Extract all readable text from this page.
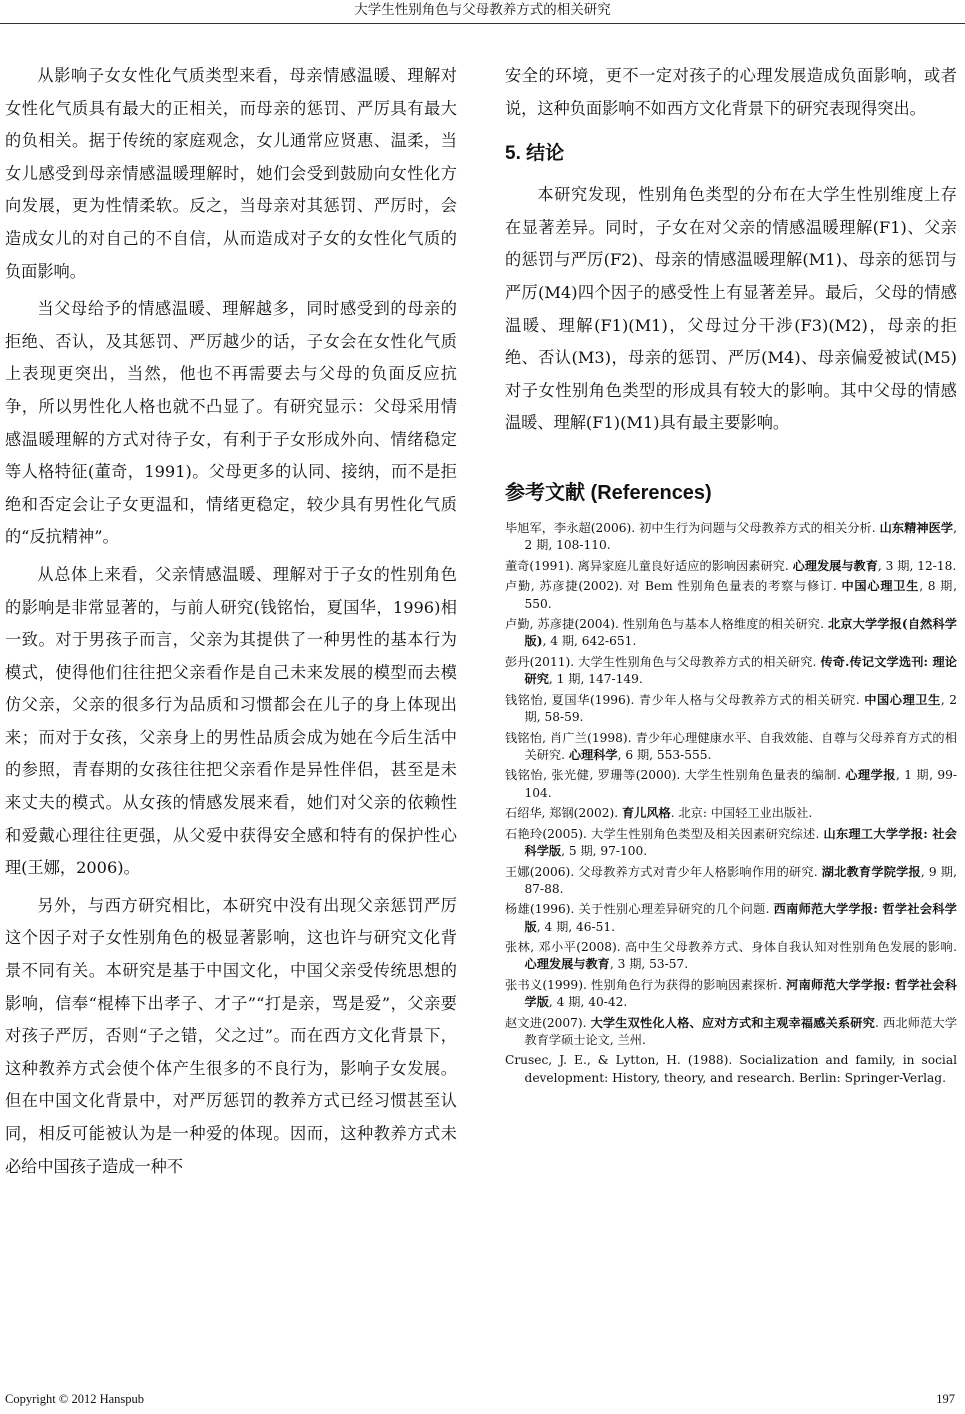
大学生性别角色与父母教养方式的相关研究

从影响子女女性化气质类型来看，母亲情感温暖、理解对女性化气质具有最大的正相关，而母亲的惩罚、严厉具有最大的负相关。据于传统的家庭观念，女儿通常应贤惠、温柔，当女儿感受到母亲情感温暖理解时，她们会受到鼓励向女性化方向发展，更为性情柔软。反之，当母亲对其惩罚、严厉时，会造成女儿的对自己的不自信，从而造成对子女的女性化气质的负面影响。

当父母给予的情感温暖、理解越多，同时感受到的母亲的拒绝、否认，及其惩罚、严厉越少的话，子女会在女性化气质上表现更突出，当然，他也不再需要去与父母的负面反应抗争，所以男性化人格也就不凸显了。有研究显示：父母采用情感温暖理解的方式对待子女，有利于子女形成外向、情绪稳定等人格特征(董奇，1991)。父母更多的认同、接纳，而不是拒绝和否定会让子女更温和，情绪更稳定，较少具有男性化气质的“反抗精神”。

从总体上来看，父亲情感温暖、理解对于子女的性别角色的影响是非常显著的，与前人研究(钱铭怡，夏国华，1996)相一致。对于男孩子而言，父亲为其提供了一种男性的基本行为模式，使得他们往往把父亲看作是自己未来发展的模型而去模仿父亲，父亲的很多行为品质和习惯都会在儿子的身上体现出来；而对于女孩，父亲身上的男性品质会成为她在今后生活中的参照，青春期的女孩往往把父亲看作是异性伴侣，甚至是未来丈夫的模式。从女孩的情感发展来看，她们对父亲的依赖性和爱戴心理往往更强，从父爱中获得安全感和特有的保护性心理(王娜，2006)。

另外，与西方研究相比，本研究中没有出现父亲惩罚严厉这个因子对子女性别角色的极显著影响，这也许与研究文化背景不同有关。本研究是基于中国文化，中国父亲受传统思想的影响，信奉“棍棒下出孝子、才子”“打是亲，骂是爱”，父亲要对孩子严厉，否则“子之错，父之过”。而在西方文化背景下，这种教养方式会使个体产生很多的不良行为，影响子女发展。但在中国文化背景中，对严厉惩罚的教养方式已经习惯甚至认同，相反可能被认为是一种爱的体现。因而，这种教养方式未必给中国孩子造成一种不

安全的环境，更不一定对孩子的心理发展造成负面影响，或者说，这种负面影响不如西方文化背景下的研究表现得突出。

5. 结论

本研究发现，性别角色类型的分布在大学生性别维度上存在显著差异。同时，子女在对父亲的情感温暖理解(F1)、父亲的惩罚与严厉(F2)、母亲的情感温暖理解(M1)、母亲的惩罚与严厉(M4)四个因子的感受性上有显著差异。最后，父母的情感温暖、理解(F1)(M1)，父母过分干涉(F3)(M2)，母亲的拒绝、否认(M3)，母亲的惩罚、严厉(M4)、母亲偏爱被试(M5)对子女性别角色类型的形成具有较大的影响。其中父母的情感温暖、理解(F1)(M1)具有最主要影响。

参考文献 (References)

毕旭军，李永超(2006). 初中生行为问题与父母教养方式的相关分析. 山东精神医学, 2 期, 108-110.

董奇(1991). 离异家庭儿童良好适应的影响因素研究. 心理发展与教育, 3 期, 12-18.

卢勤, 苏彦捷(2002). 对 Bem 性别角色量表的考察与修订. 中国心理卫生, 8 期, 550.

卢勤, 苏彦捷(2004). 性别角色与基本人格维度的相关研究. 北京大学学报(自然科学版), 4 期, 642-651.

彭丹(2011). 大学生性别角色与父母教养方式的相关研究. 传奇.传记文学选刊: 理论研究, 1 期, 147-149.

钱铭怡, 夏国华(1996). 青少年人格与父母教养方式的相关研究. 中国心理卫生, 2 期, 58-59.

钱铭怡, 肖广兰(1998). 青少年心理健康水平、自我效能、自尊与父母养育方式的相关研究. 心理科学, 6 期, 553-555.

钱铭怡, 张光健, 罗珊等(2000). 大学生性别角色量表的编制. 心理学报, 1 期, 99-104.

石绍华, 郑钢(2002). 育儿风格. 北京: 中国轻工业出版社.

石艳玲(2005). 大学生性别角色类型及相关因素研究综述. 山东理工大学学报: 社会科学版, 5 期, 97-100.

王娜(2006). 父母教养方式对青少年人格影响作用的研究. 湖北教育学院学报, 9 期, 87-88.

杨雄(1996). 关于性别心理差异研究的几个问题. 西南师范大学学报: 哲学社会科学版, 4 期, 46-51.

张林, 邓小平(2008). 高中生父母教养方式、身体自我认知对性别角色发展的影响. 心理发展与教育, 3 期, 53-57.

张书义(1999). 性别角色行为获得的影响因素探析. 河南师范大学学报: 哲学社会科学版, 4 期, 40-42.

赵文进(2007). 大学生双性化人格、应对方式和主观幸福感关系研究. 西北师范大学教育学硕士论文, 兰州.

Crusec, J. E., & Lytton, H. (1988). Socialization and family, in social development: History, theory, and research. Berlin: Springer-Verlag.

Copyright © 2012 Hanspub	197
